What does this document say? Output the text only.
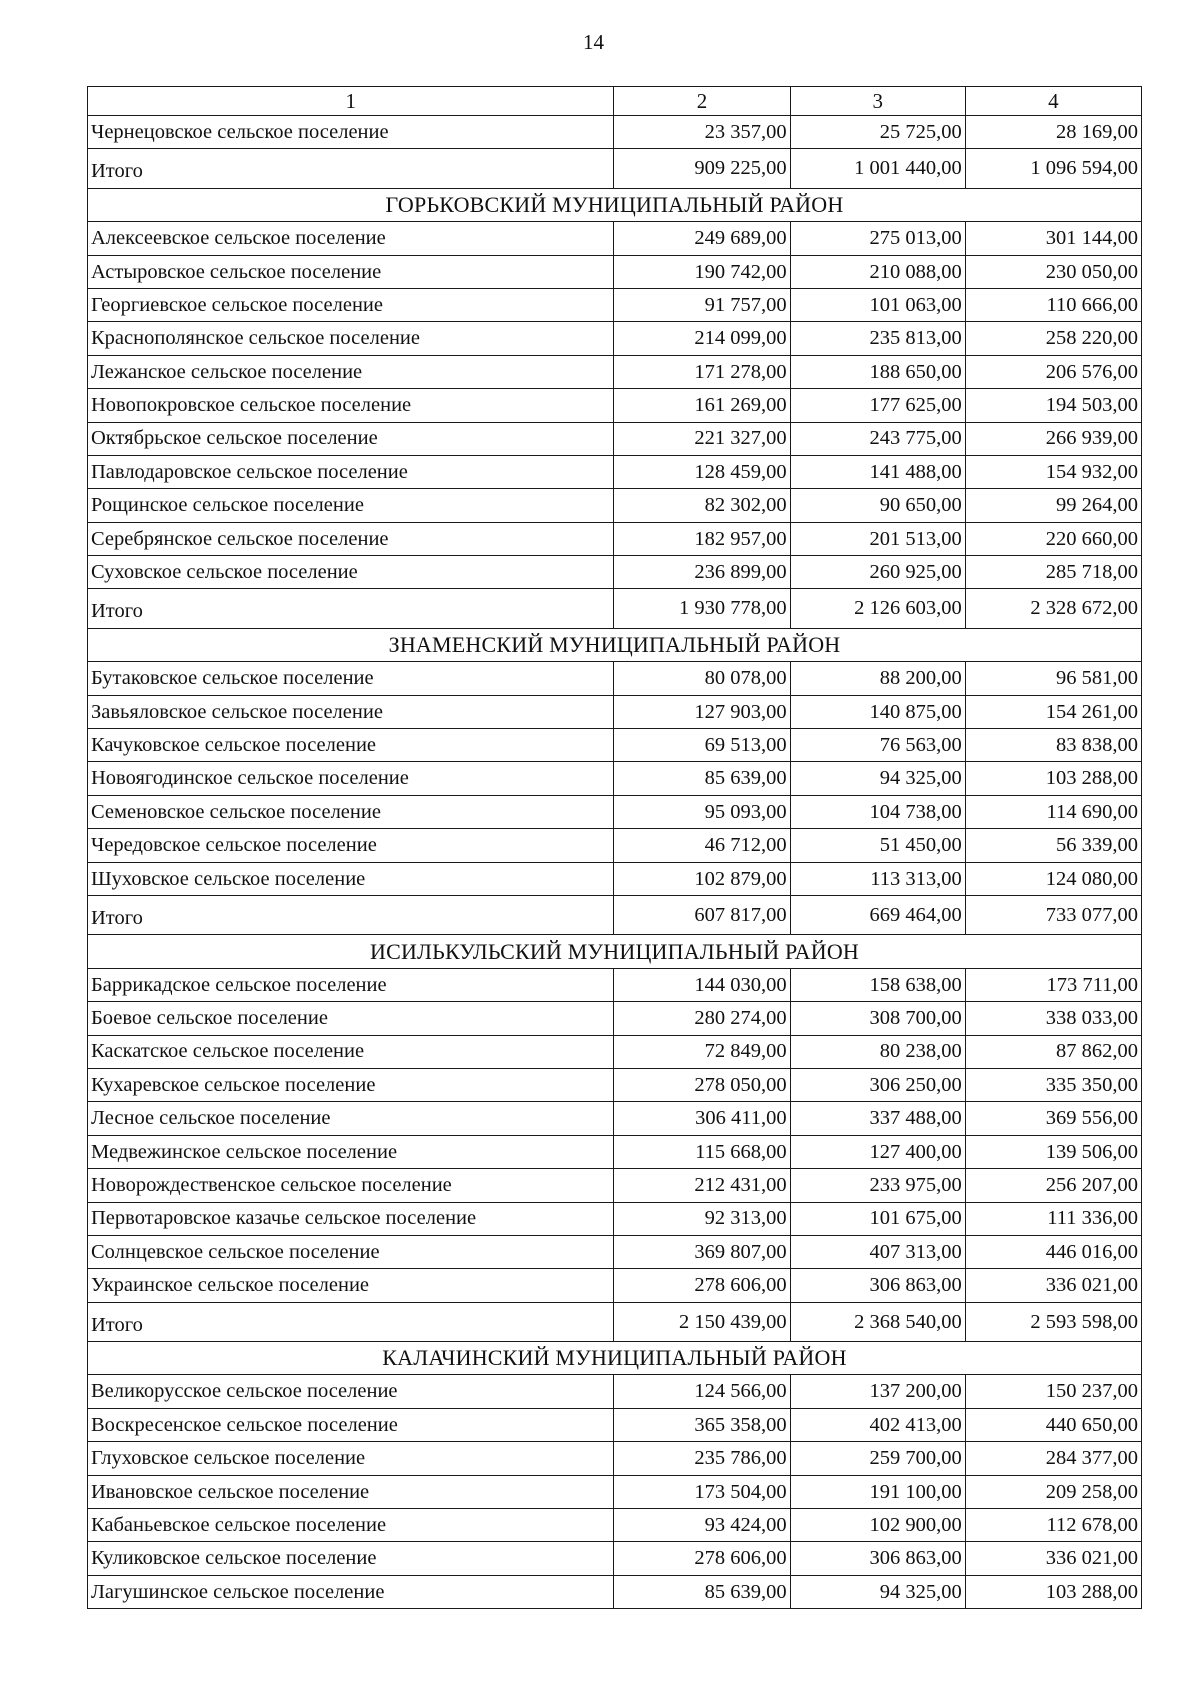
14
1	2	3	4
Чернецовское сельское поселение	23 357,00	25 725,00	28 169,00
Итого	909 225,00	1 001 440,00	1 096 594,00
ГОРЬКОВСКИЙ МУНИЦИПАЛЬНЫЙ РАЙОН			
Алексеевское сельское поселение	249 689,00	275 013,00	301 144,00
Астыровское сельское поселение	190 742,00	210 088,00	230 050,00
Георгиевское сельское поселение	91 757,00	101 063,00	110 666,00
Краснополянское сельское поселение	214 099,00	235 813,00	258 220,00
Лежанское сельское поселение	171 278,00	188 650,00	206 576,00
Новопокровское сельское поселение	161 269,00	177 625,00	194 503,00
Октябрьское сельское поселение	221 327,00	243 775,00	266 939,00
Павлодаровское сельское поселение	128 459,00	141 488,00	154 932,00
Рощинское сельское поселение	82 302,00	90 650,00	99 264,00
Серебрянское сельское поселение	182 957,00	201 513,00	220 660,00
Суховское сельское поселение	236 899,00	260 925,00	285 718,00
Итого	1 930 778,00	2 126 603,00	2 328 672,00
ЗНАМЕНСКИЙ МУНИЦИПАЛЬНЫЙ РАЙОН			
Бутаковское сельское поселение	80 078,00	88 200,00	96 581,00
Завьяловское сельское поселение	127 903,00	140 875,00	154 261,00
Качуковское сельское поселение	69 513,00	76 563,00	83 838,00
Новоягодинское сельское поселение	85 639,00	94 325,00	103 288,00
Семеновское сельское поселение	95 093,00	104 738,00	114 690,00
Чередовское сельское поселение	46 712,00	51 450,00	56 339,00
Шуховское сельское поселение	102 879,00	113 313,00	124 080,00
Итого	607 817,00	669 464,00	733 077,00
ИСИЛЬКУЛЬСКИЙ МУНИЦИПАЛЬНЫЙ РАЙОН			
Баррикадское сельское поселение	144 030,00	158 638,00	173 711,00
Боевое сельское поселение	280 274,00	308 700,00	338 033,00
Каскатское сельское поселение	72 849,00	80 238,00	87 862,00
Кухаревское сельское поселение	278 050,00	306 250,00	335 350,00
Лесное сельское поселение	306 411,00	337 488,00	369 556,00
Медвежинское сельское поселение	115 668,00	127 400,00	139 506,00
Новорождественское сельское поселение	212 431,00	233 975,00	256 207,00
Первотаровское казачье сельское поселение	92 313,00	101 675,00	111 336,00
Солнцевское сельское поселение	369 807,00	407 313,00	446 016,00
Украинское сельское поселение	278 606,00	306 863,00	336 021,00
Итого	2 150 439,00	2 368 540,00	2 593 598,00
КАЛАЧИНСКИЙ МУНИЦИПАЛЬНЫЙ РАЙОН			
Великорусское сельское поселение	124 566,00	137 200,00	150 237,00
Воскресенское сельское поселение	365 358,00	402 413,00	440 650,00
Глуховское сельское поселение	235 786,00	259 700,00	284 377,00
Ивановское сельское поселение	173 504,00	191 100,00	209 258,00
Кабаньевское сельское поселение	93 424,00	102 900,00	112 678,00
Куликовское сельское поселение	278 606,00	306 863,00	336 021,00
Лагушинское сельское поселение	85 639,00	94 325,00	103 288,00
